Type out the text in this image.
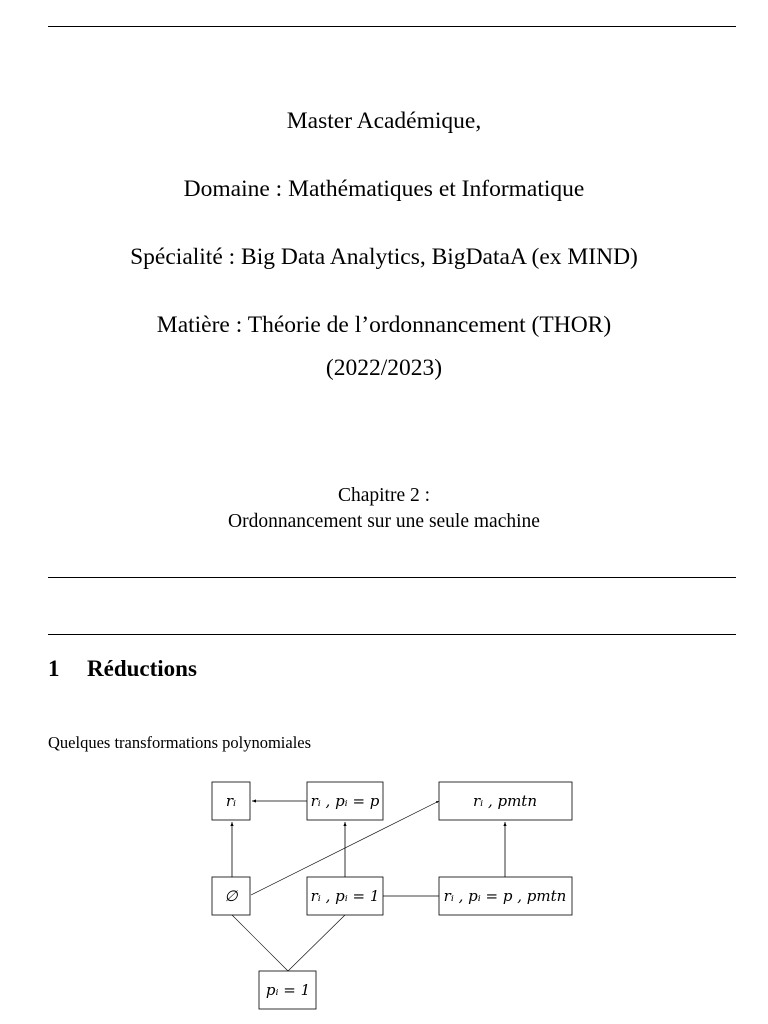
Master Académique,
Domaine : Mathématiques et Informatique
Spécialité : Big Data Analytics, BigDataA (ex MIND)
Matière : Théorie de l’ordonnancement (THOR)
(2022/2023)
Chapitre 2 :
Ordonnancement sur une seule machine
1 Réductions
Quelques transformations polynomiales
rᵢ	rᵢ , pᵢ = p	rᵢ , pmtn
∅	rᵢ , pᵢ = 1	rᵢ , pᵢ = p , pmtn
pᵢ = 1
